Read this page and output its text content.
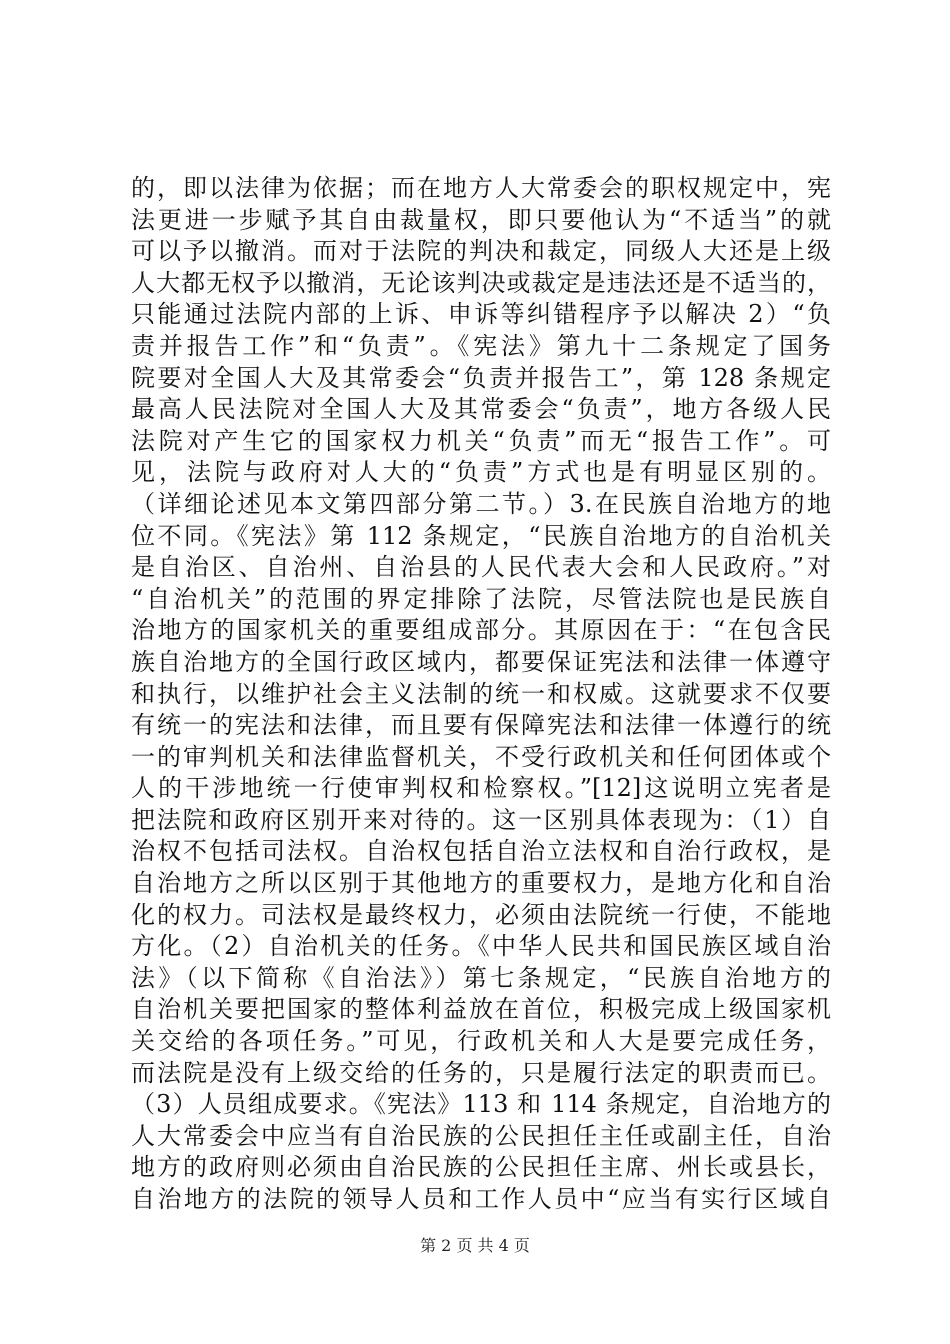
的，即以法律为依据；而在地方人大常委会的职权规定中，宪
法更进一步赋予其自由裁量权，即只要他认为“不适当”的就
可以予以撤消。而对于法院的判决和裁定，同级人大还是上级
人大都无权予以撤消，无论该判决或裁定是违法还是不适当的，
只能通过法院内部的上诉、申诉等纠错程序予以解决 2）“负
责并报告工作”和“负责”。《宪法》第九十二条规定了国务
院要对全国人大及其常委会“负责并报告工”，第 128 条规定
最高人民法院对全国人大及其常委会“负责”，地方各级人民
法院对产生它的国家权力机关“负责”而无“报告工作”。可
见，法院与政府对人大的“负责”方式也是有明显区别的。
（详细论述见本文第四部分第二节。）3.在民族自治地方的地
位不同。《宪法》第 112 条规定，“民族自治地方的自治机关
是自治区、自治州、自治县的人民代表大会和人民政府。”对
“自治机关”的范围的界定排除了法院，尽管法院也是民族自
治地方的国家机关的重要组成部分。其原因在于：“在包含民
族自治地方的全国行政区域内，都要保证宪法和法律一体遵守
和执行，以维护社会主义法制的统一和权威。这就要求不仅要
有统一的宪法和法律，而且要有保障宪法和法律一体遵行的统
一的审判机关和法律监督机关，不受行政机关和任何团体或个
人的干涉地统一行使审判权和检察权。”[12]这说明立宪者是
把法院和政府区别开来对待的。这一区别具体表现为：（1）自
治权不包括司法权。自治权包括自治立法权和自治行政权，是
自治地方之所以区别于其他地方的重要权力，是地方化和自治
化的权力。司法权是最终权力，必须由法院统一行使，不能地
方化。（2）自治机关的任务。《中华人民共和国民族区域自治
法》（以下简称《自治法》）第七条规定，“民族自治地方的
自治机关要把国家的整体利益放在首位，积极完成上级国家机
关交给的各项任务。”可见，行政机关和人大是要完成任务，
而法院是没有上级交给的任务的，只是履行法定的职责而已。
（3）人员组成要求。《宪法》113 和 114 条规定，自治地方的
人大常委会中应当有自治民族的公民担任主任或副主任，自治
地方的政府则必须由自治民族的公民担任主席、州长或县长，
自治地方的法院的领导人员和工作人员中“应当有实行区域自
第 2 页 共 4 页
